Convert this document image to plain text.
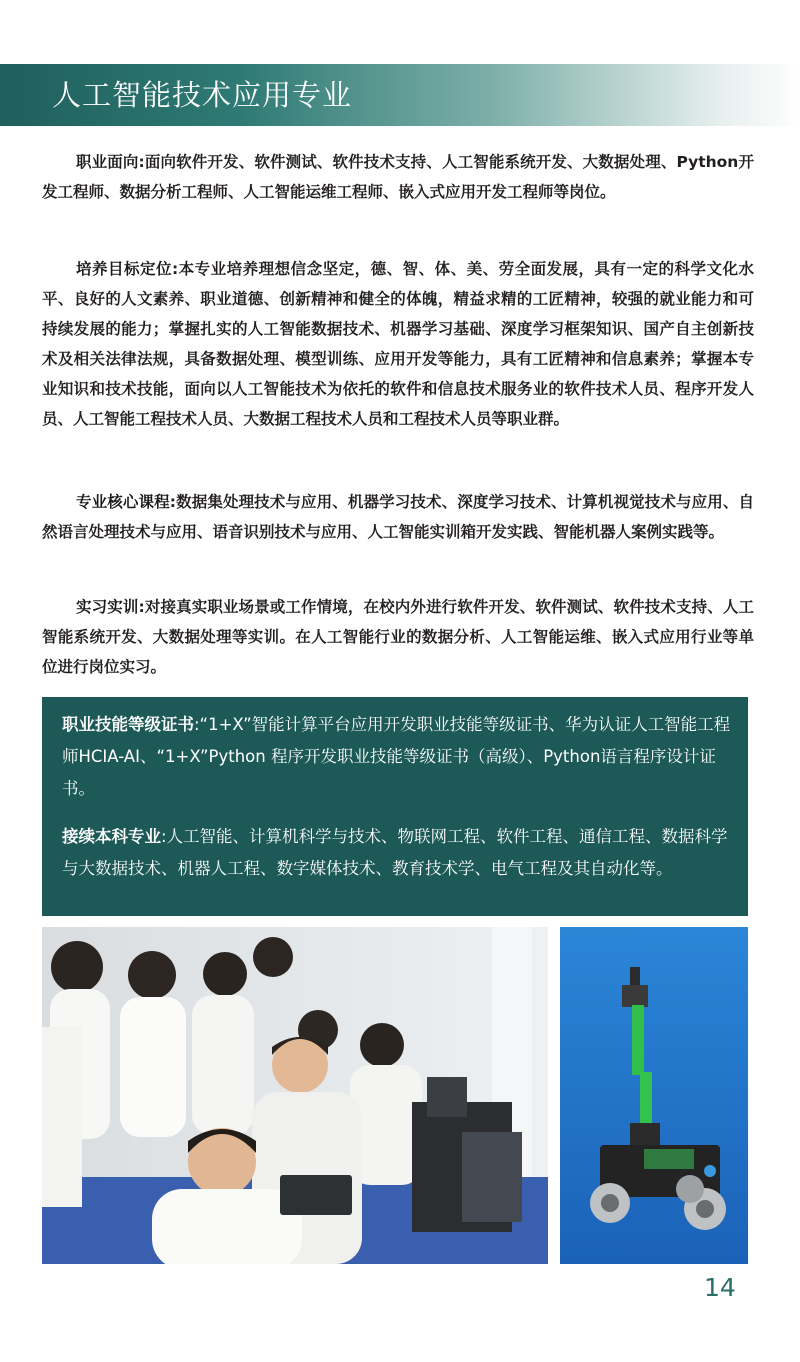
人工智能技术应用专业
职业面向:面向软件开发、软件测试、软件技术支持、人工智能系统开发、大数据处理、Python开发工程师、数据分析工程师、人工智能运维工程师、嵌入式应用开发工程师等岗位。
培养目标定位:本专业培养理想信念坚定，德、智、体、美、劳全面发展，具有一定的科学文化水平、良好的人文素养、职业道德、创新精神和健全的体魄，精益求精的工匠精神，较强的就业能力和可持续发展的能力；掌握扎实的人工智能数据技术、机器学习基础、深度学习框架知识、国产自主创新技术及相关法律法规，具备数据处理、模型训练、应用开发等能力，具有工匠精神和信息素养；掌握本专业知识和技术技能，面向以人工智能技术为依托的软件和信息技术服务业的软件技术人员、程序开发人员、人工智能工程技术人员、大数据工程技术人员和工程技术人员等职业群。
专业核心课程:数据集处理技术与应用、机器学习技术、深度学习技术、计算机视觉技术与应用、自然语言处理技术与应用、语音识别技术与应用、人工智能实训箱开发实践、智能机器人案例实践等。
实习实训:对接真实职业场景或工作情境，在校内外进行软件开发、软件测试、软件技术支持、人工智能系统开发、大数据处理等实训。在人工智能行业的数据分析、人工智能运维、嵌入式应用行业等单位进行岗位实习。
职业技能等级证书:“1+X”智能计算平台应用开发职业技能等级证书、华为认证人工智能工程师HCIA-AI、“1+X”Python 程序开发职业技能等级证书（高级）、Python语言程序设计证书。
接续本科专业:人工智能、计算机科学与技术、物联网工程、软件工程、通信工程、数据科学与大数据技术、机器人工程、数字媒体技术、教育技术学、电气工程及其自动化等。
14
